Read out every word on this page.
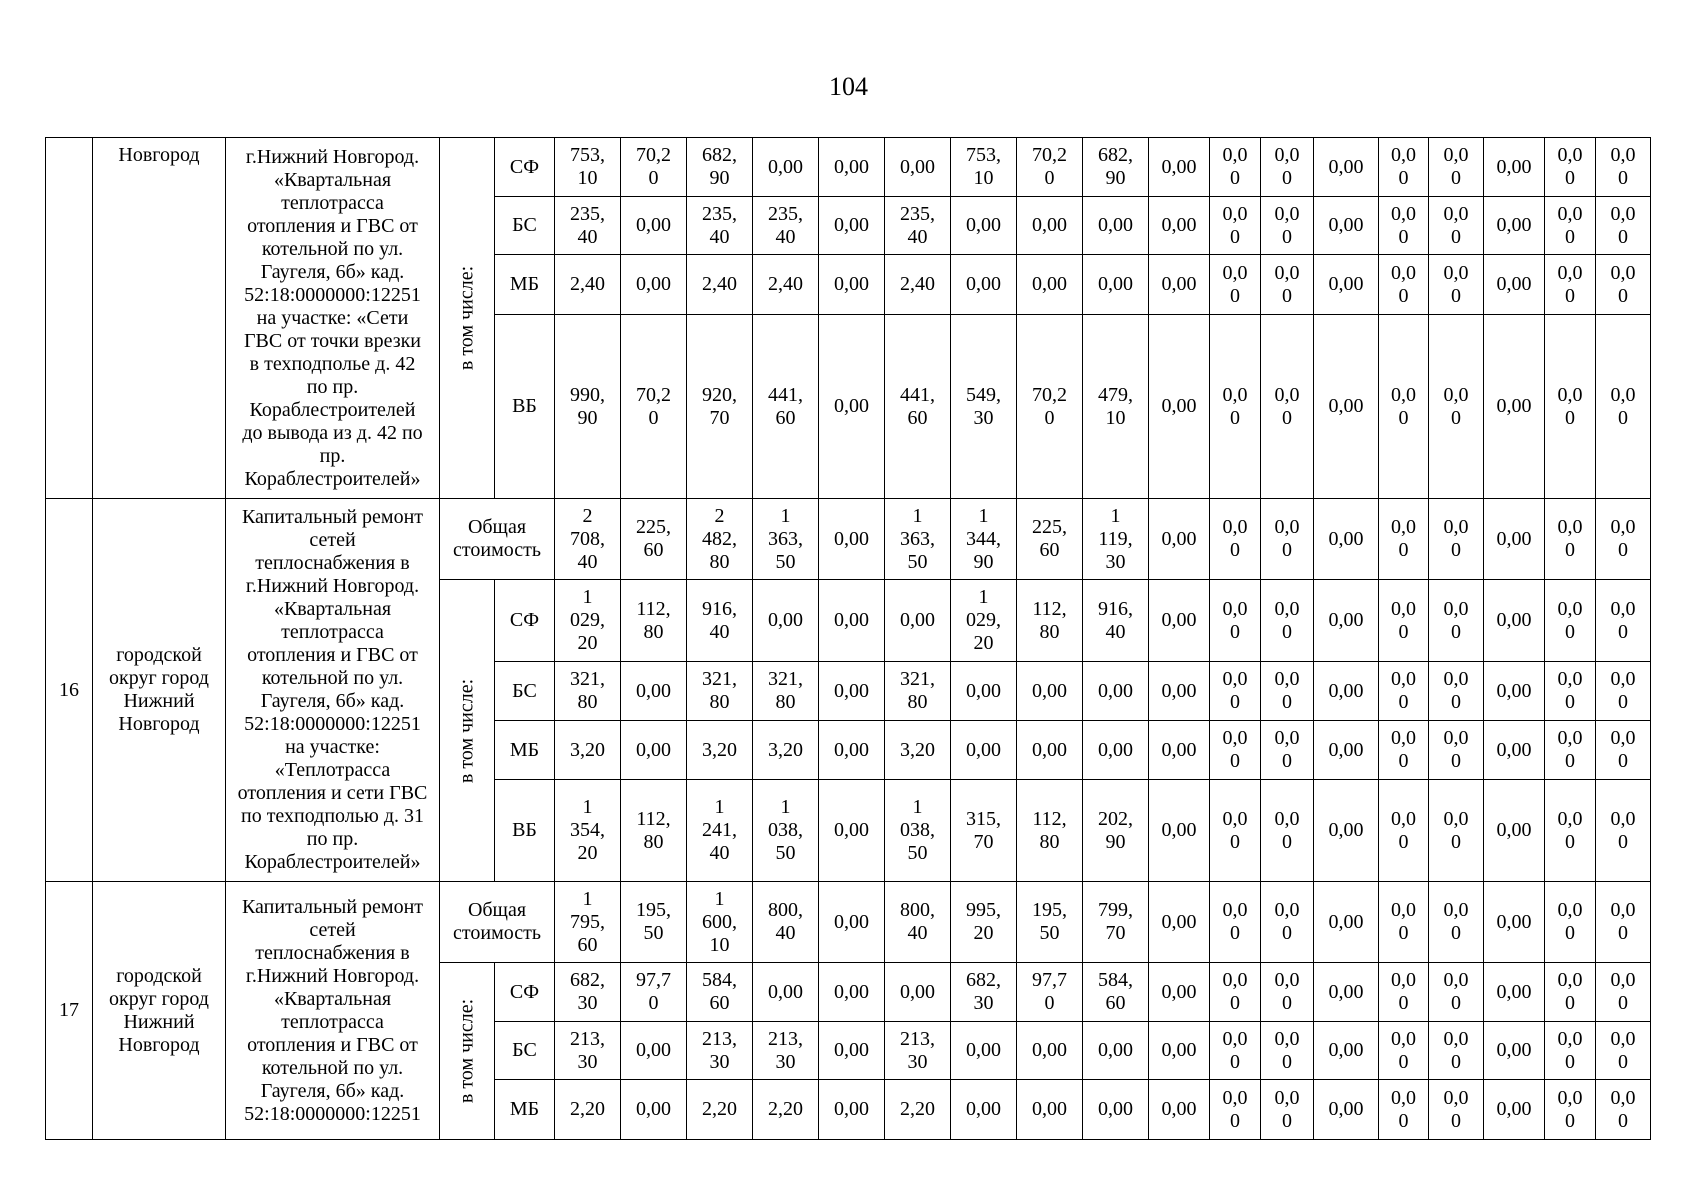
104
Новгород г.Нижний Новгород.
«Квартальная
теплотрасса
отопления и ГВС от
котельной по ул.
Гаугеля, 6б» кад.
52:18:0000000:12251
на участке: «Сети
ГВС от точки врезки
в техподполье д. 42
по пр.
Кораблестроителей
до вывода из д. 42 по
пр.
Кораблестроителей»
в том числе:
СФ
753,10
70,20
682,90
0,00 0,00 0,00
753,10
70,20
682,90
0,00
0,00
0,00
0,00
0,00
0,00
0,00
0,00
0,00
БС
235,40
0,00
235,40
235,40
0,00
235,40
0,00 0,00 0,00 0,00
0,00
0,00
0,00
0,00
0,00
0,00
0,00
0,00
МБ 2,40 0,00 2,40 2,40 0,00 2,40 0,00 0,00 0,00 0,00
0,00
0,00
0,00
0,00
0,00
0,00
0,00
0,00
ВБ
990,90
70,20
920,70
441,60
0,00
441,60
549,30
70,20
479,10
0,00
0,00
0,00
0,00
0,00
0,00
0,00
0,00
0,00
16
городской
округ город
Нижний
Новгород
Капитальный ремонт
сетей
теплоснабжения в
г.Нижний Новгород.
«Квартальная
теплотрасса
отопления и ГВС от
котельной по ул.
Гаугеля, 6б» кад.
52:18:0000000:12251
на участке:
«Теплотрасса
отопления и сети ГВС
по техподполью д. 31
по пр.
Кораблестроителей»
Общая стоимость
2 708,40
225,60
2 482,80
1 363,50
0,00
1 363,50
1 344,90
225,60
1 119,30
0,00
0,00
0,00
0,00
0,00
0,00
0,00
0,00
0,00
в том числе:
СФ
1 029,20
112,80
916,40
0,00 0,00 0,00
1 029,20
112,80
916,40
0,00
0,00
0,00
0,00
0,00
0,00
0,00
0,00
0,00
БС
321,80
0,00
321,80
321,80
0,00
321,80
0,00 0,00 0,00 0,00
0,00
0,00
0,00
0,00
0,00
0,00
0,00
0,00
МБ 3,20 0,00 3,20 3,20 0,00 3,20 0,00 0,00 0,00 0,00
0,00
0,00
0,00
0,00
0,00
0,00
0,00
0,00
ВБ
1 354,20
112,80
1 241,40
1 038,50
0,00
1 038,50
315,70
112,80
202,90
0,00
0,00
0,00
0,00
0,00
0,00
0,00
0,00
0,00
17
городской
округ город
Нижний
Новгород
Капитальный ремонт
сетей
теплоснабжения в
г.Нижний Новгород.
«Квартальная
теплотрасса
отопления и ГВС от
котельной по ул.
Гаугеля, 6б» кад.
52:18:0000000:12251
Общая стоимость
1 795,60
195,50
1 600,10
800,40
0,00
800,40
995,20
195,50
799,70
0,00
0,00
0,00
0,00
0,00
0,00
0,00
0,00
0,00
в том числе:
СФ
682,30
97,70
584,60
0,00 0,00 0,00
682,30
97,70
584,60
0,00
0,00
0,00
0,00
0,00
0,00
0,00
0,00
0,00
БС
213,30
0,00
213,30
213,30
0,00
213,30
0,00 0,00 0,00 0,00
0,00
0,00
0,00
0,00
0,00
0,00
0,00
0,00
МБ 2,20 0,00 2,20 2,20 0,00 2,20 0,00 0,00 0,00 0,00
0,00
0,00
0,00
0,00
0,00
0,00
0,00
0,00
